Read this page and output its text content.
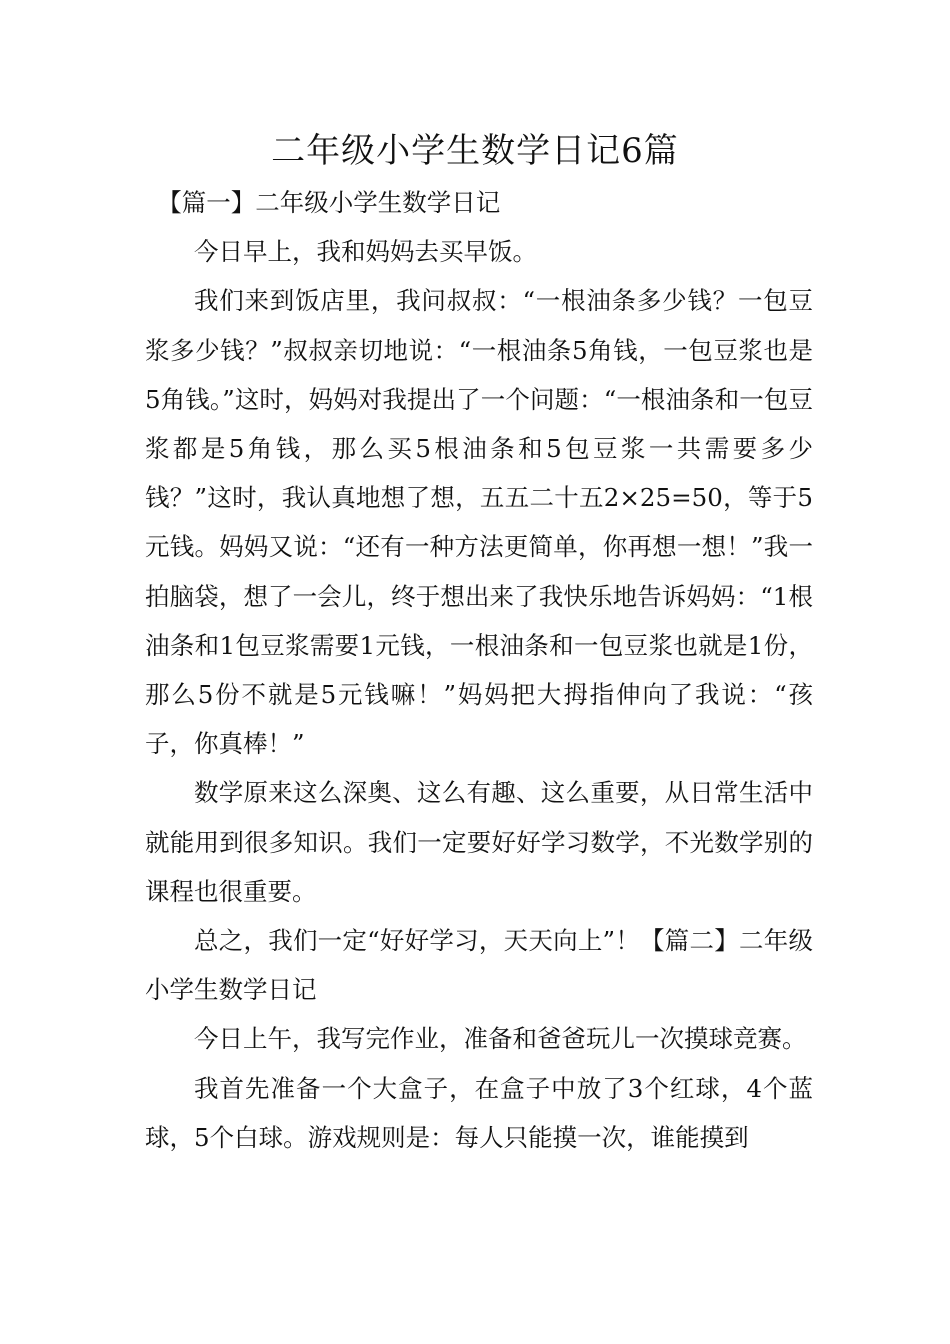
二年级小学生数学日记6篇

【篇一】二年级小学生数学日记

今日早上，我和妈妈去买早饭。

我们来到饭店里，我问叔叔：“一根油条多少钱？一包豆浆多少钱？”叔叔亲切地说：“一根油条5角钱，一包豆浆也是5角钱。”这时，妈妈对我提出了一个问题：“一根油条和一包豆浆都是5角钱，那么买5根油条和5包豆浆一共需要多少钱？”这时，我认真地想了想，五五二十五2×25=50，等于5元钱。妈妈又说：“还有一种方法更简单，你再想一想！”我一拍脑袋，想了一会儿，终于想出来了我快乐地告诉妈妈：“1根油条和1包豆浆需要1元钱，一根油条和一包豆浆也就是1份，那么5份不就是5元钱嘛！”妈妈把大拇指伸向了我说：“孩子，你真棒！”

数学原来这么深奥、这么有趣、这么重要，从日常生活中就能用到很多知识。我们一定要好好学习数学，不光数学别的课程也很重要。

总之，我们一定“好好学习，天天向上”！【篇二】二年级小学生数学日记

今日上午，我写完作业，准备和爸爸玩儿一次摸球竞赛。

我首先准备一个大盒子，在盒子中放了3个红球，4个蓝球，5个白球。游戏规则是：每人只能摸一次，谁能摸到
